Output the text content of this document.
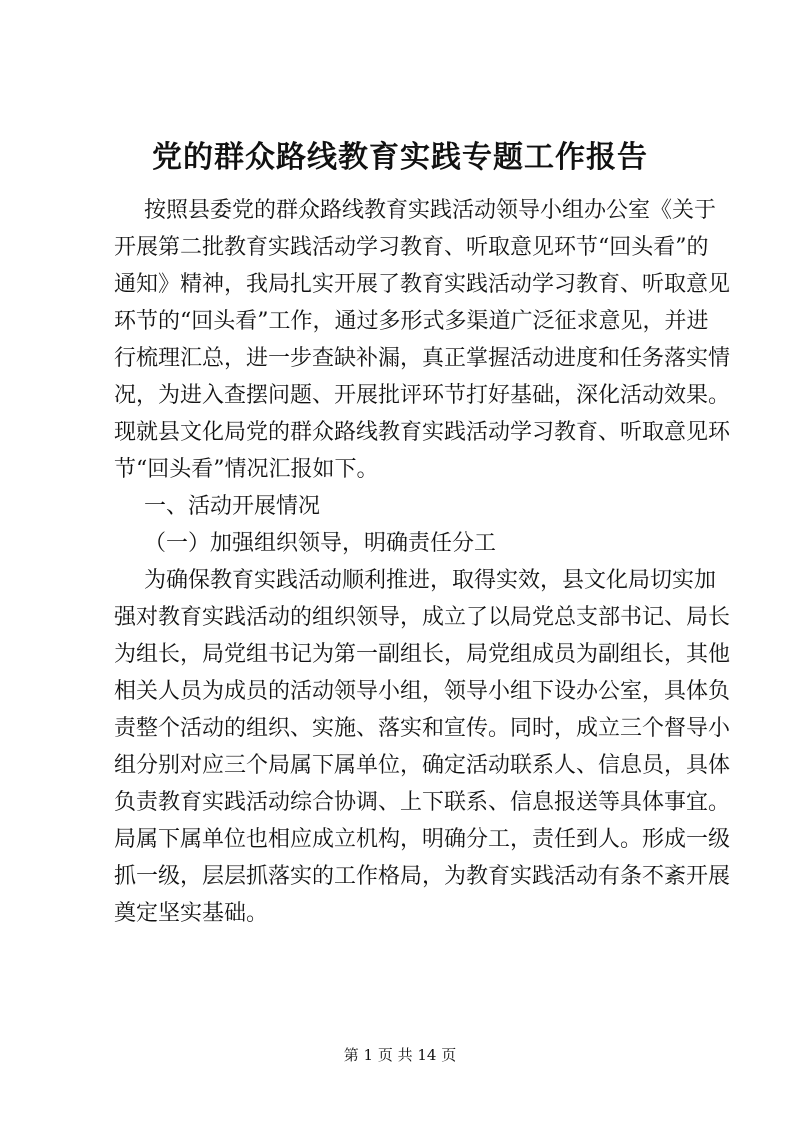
党的群众路线教育实践专题工作报告
按照县委党的群众路线教育实践活动领导小组办公室《关于
开展第二批教育实践活动学习教育、听取意见环节“回头看”的
通知》精神，我局扎实开展了教育实践活动学习教育、听取意见
环节的“回头看”工作，通过多形式多渠道广泛征求意见，并进
行梳理汇总，进一步查缺补漏，真正掌握活动进度和任务落实情
况，为进入查摆问题、开展批评环节打好基础，深化活动效果。
现就县文化局党的群众路线教育实践活动学习教育、听取意见环
节“回头看”情况汇报如下。
一、活动开展情况
（一）加强组织领导，明确责任分工
为确保教育实践活动顺利推进，取得实效，县文化局切实加
强对教育实践活动的组织领导，成立了以局党总支部书记、局长
为组长，局党组书记为第一副组长，局党组成员为副组长，其他
相关人员为成员的活动领导小组，领导小组下设办公室，具体负
责整个活动的组织、实施、落实和宣传。同时，成立三个督导小
组分别对应三个局属下属单位，确定活动联系人、信息员，具体
负责教育实践活动综合协调、上下联系、信息报送等具体事宜。
局属下属单位也相应成立机构，明确分工，责任到人。形成一级
抓一级，层层抓落实的工作格局，为教育实践活动有条不紊开展
奠定坚实基础。
第 1 页 共 14 页
